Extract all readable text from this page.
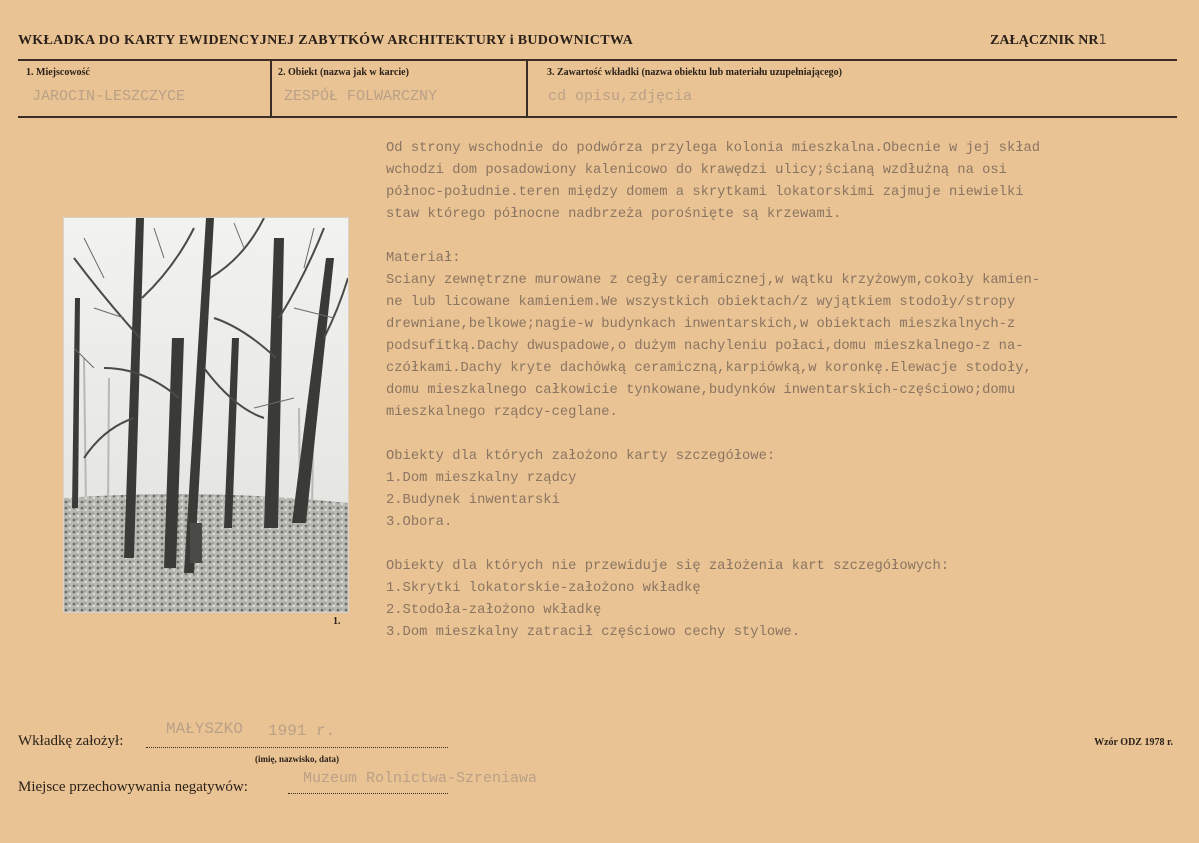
WKŁADKA DO KARTY EWIDENCYJNEJ ZABYTKÓW ARCHITEKTURY i BUDOWNICTWA	ZAŁĄCZNIK NR1
1. Miejscowość
JAROCIN-LESZCZYCE
2. Obiekt (nazwa jak w karcie)
ZESPÓŁ FOLWARCZNY
3. Zawartość wkładki (nazwa obiektu lub materiału uzupełniającego)
cd opisu,zdjęcia
Od strony wschodnie do podwórza przylega kolonia mieszkalna.Obecnie w jej skład
wchodzi dom posadowiony kalenicowo do krawędzi ulicy;ścianą wzdłużną na osi
północ-południe.teren między domem a skrytkami lokatorskimi zajmuje niewielki
staw którego północne nadbrzeża porośnięte są krzewami.
Materiał:
Sciany zewnętrzne murowane z cegły ceramicznej,w wątku krzyżowym,cokoły kamien-
ne lub licowane kamieniem.We wszystkich obiektach/z wyjątkiem stodoły/stropy
drewniane,belkowe;nagie-w budynkach inwentarskich,w obiektach mieszkalnych-z
podsufitką.Dachy dwuspadowe,o dużym nachyleniu połaci,domu mieszkalnego-z na-
czółkami.Dachy kryte dachówką ceramiczną,karpiówką,w koronkę.Elewacje stodoły,
domu mieszkalnego całkowicie tynkowane,budynków inwentarskich-częściowo;domu
mieszkalnego rządcy-ceglane.
Obiekty dla których założono karty szczegółowe:
1.Dom mieszkalny rządcy
2.Budynek inwentarski
3.Obora.
Obiekty dla których nie przewiduje się założenia kart szczegółowych:
1.Skrytki lokatorskie-założono wkładkę
2.Stodoła-założono wkładkę
3.Dom mieszkalny zatracił częściowo cechy stylowe.
1.
Wkładkę założył:
MAŁYSZKO 1991 r.
(imię, nazwisko, data)
Miejsce przechowywania negatywów:	Muzeum Rolnictwa-Szreniawa
Wzór ODZ 1978 r.
